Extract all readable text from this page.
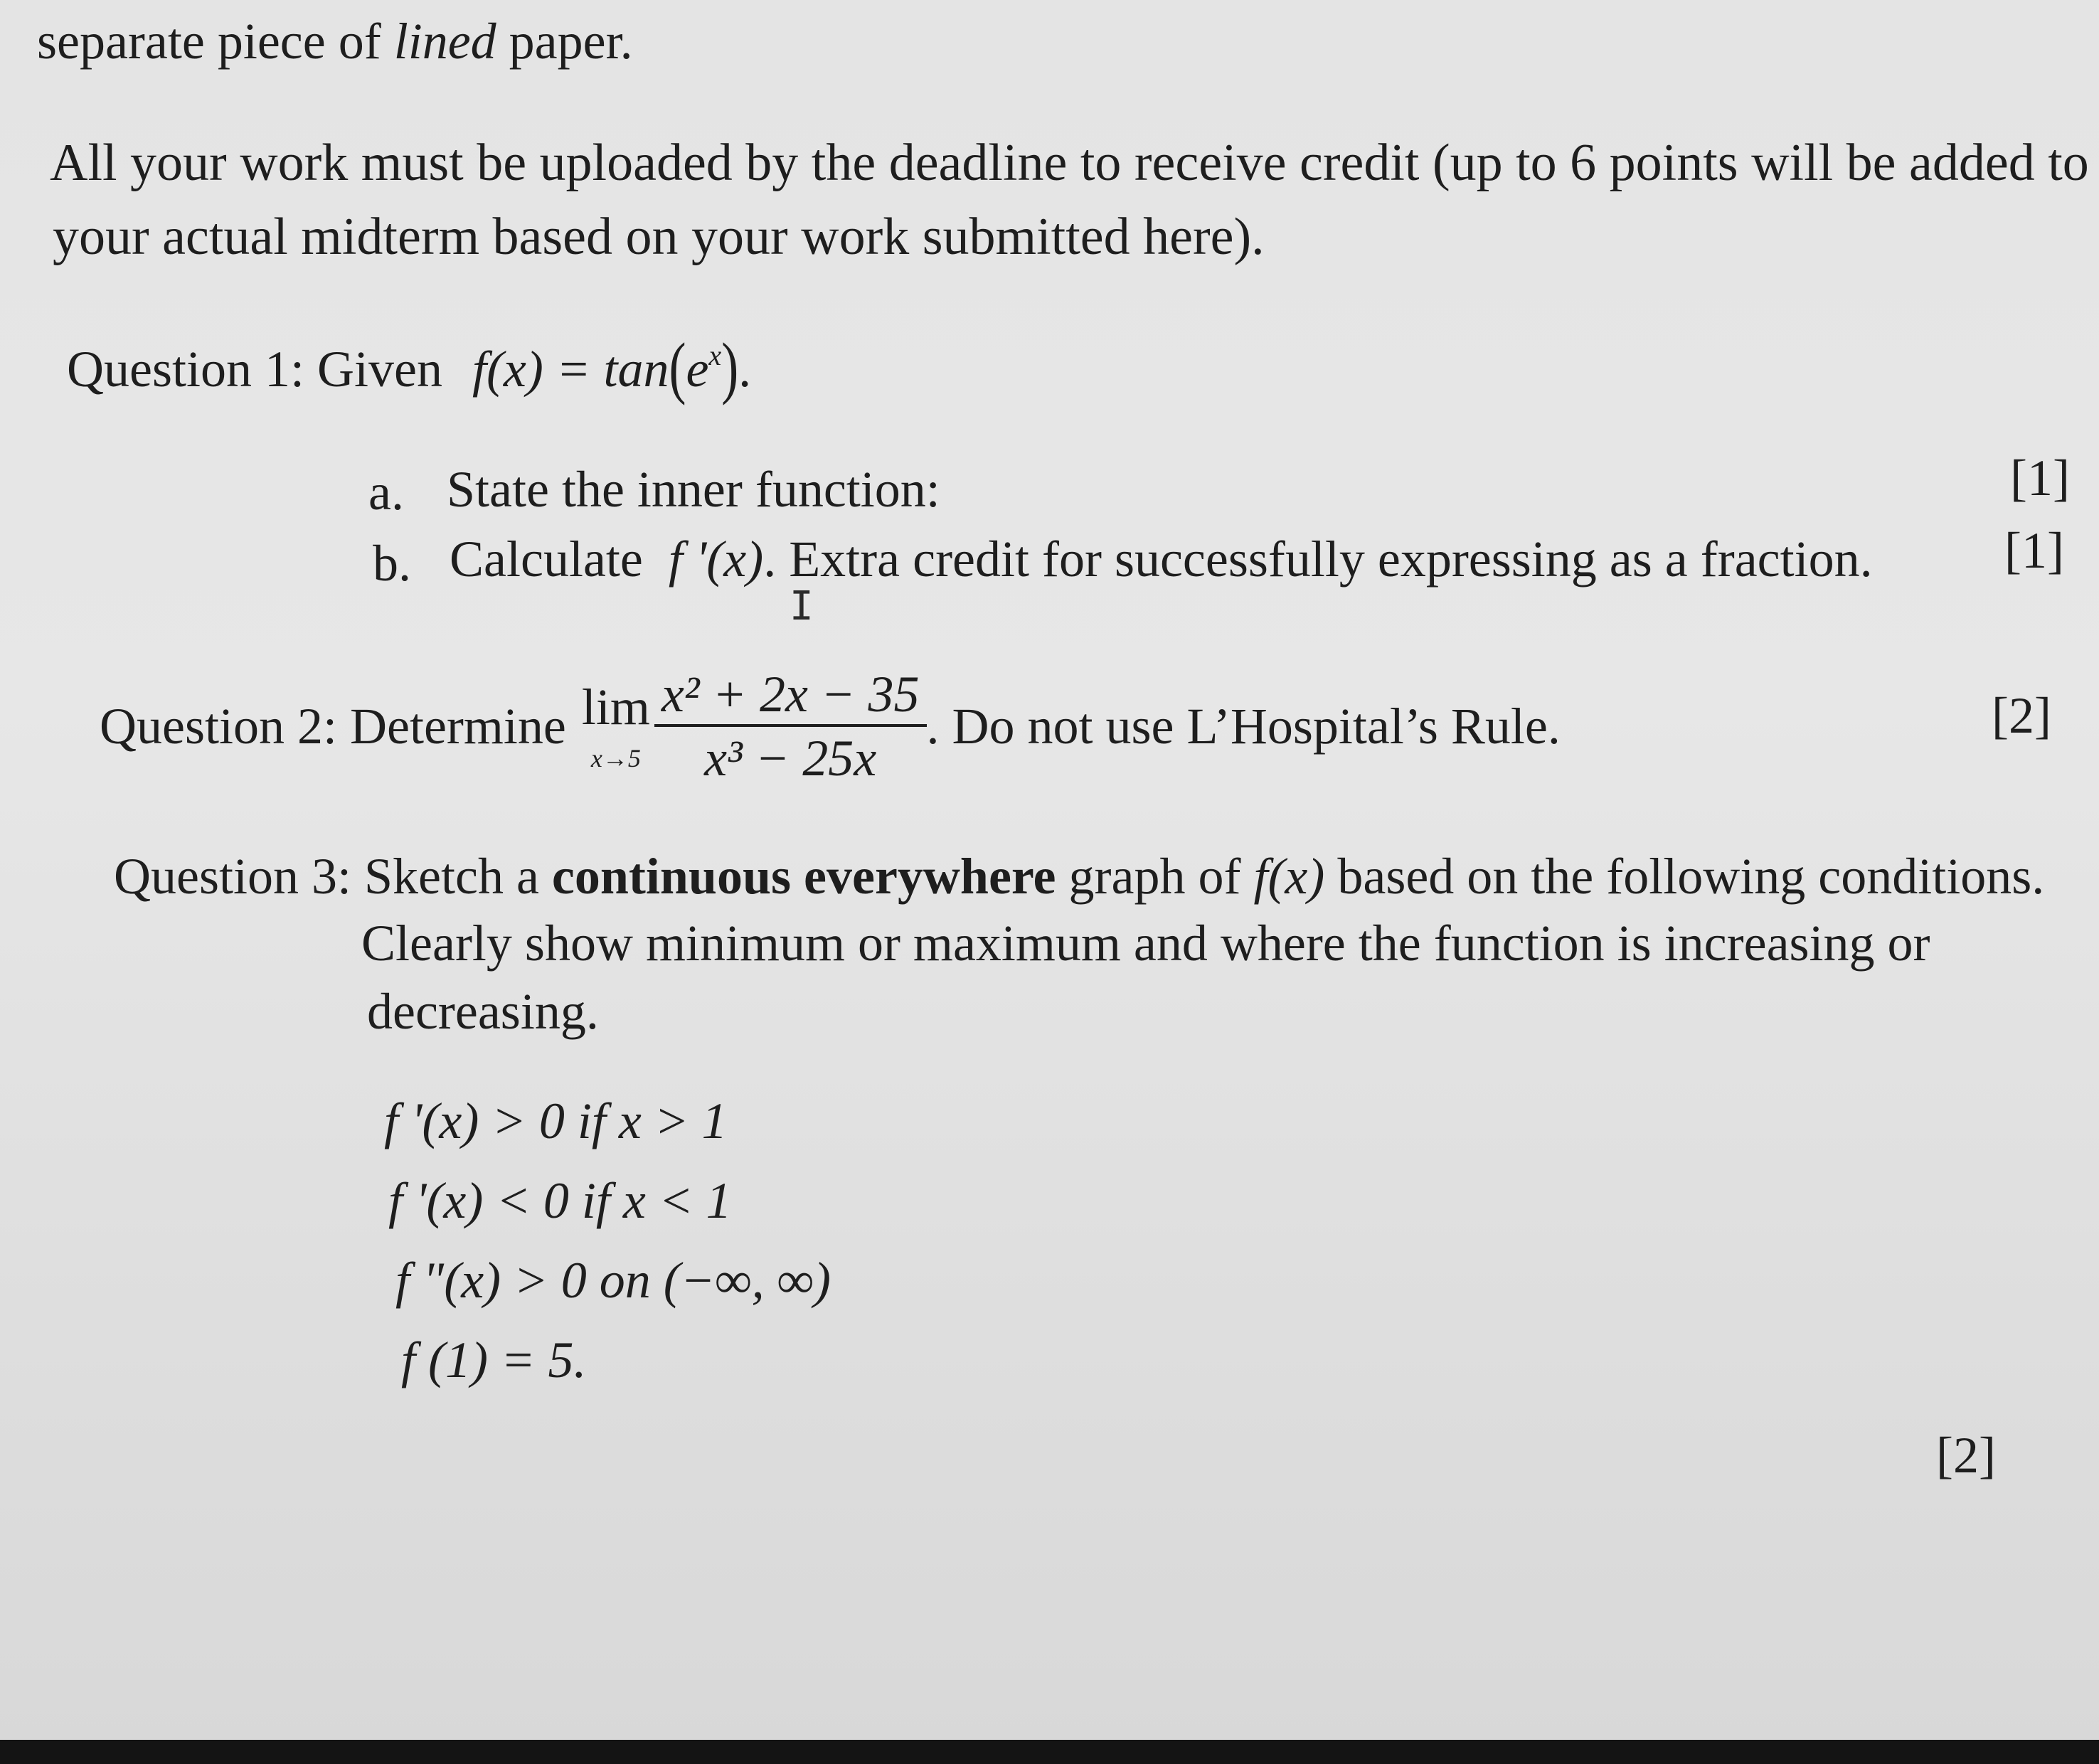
separate piece of lined paper.
All your work must be uploaded by the deadline to receive credit (up to 6 points will be added to
your actual midterm based on your work submitted here).
Question 1: Given $f(x) = \tan(e^x)$.
a. State the inner function:	[1]
b. Calculate f '(x). Extra credit for successfully expressing as a fraction.	[1]
I
Question 2: Determine lim
$x\to 5 \frac{\text{x² + 2x − 35}}{\text{x³ − 25x}}$ . Do not use L’Hospital’s Rule.	[2]
Question 3: Sketch a continuous everywhere graph of f(x) based on the following conditions.
Clearly show minimum or maximum and where the function is increasing or
decreasing.
f '(x) > 0 if x > 1
f '(x) < 0 if x < 1
f "(x) > 0 on (−∞, ∞)
f (1) = 5.
[2]
